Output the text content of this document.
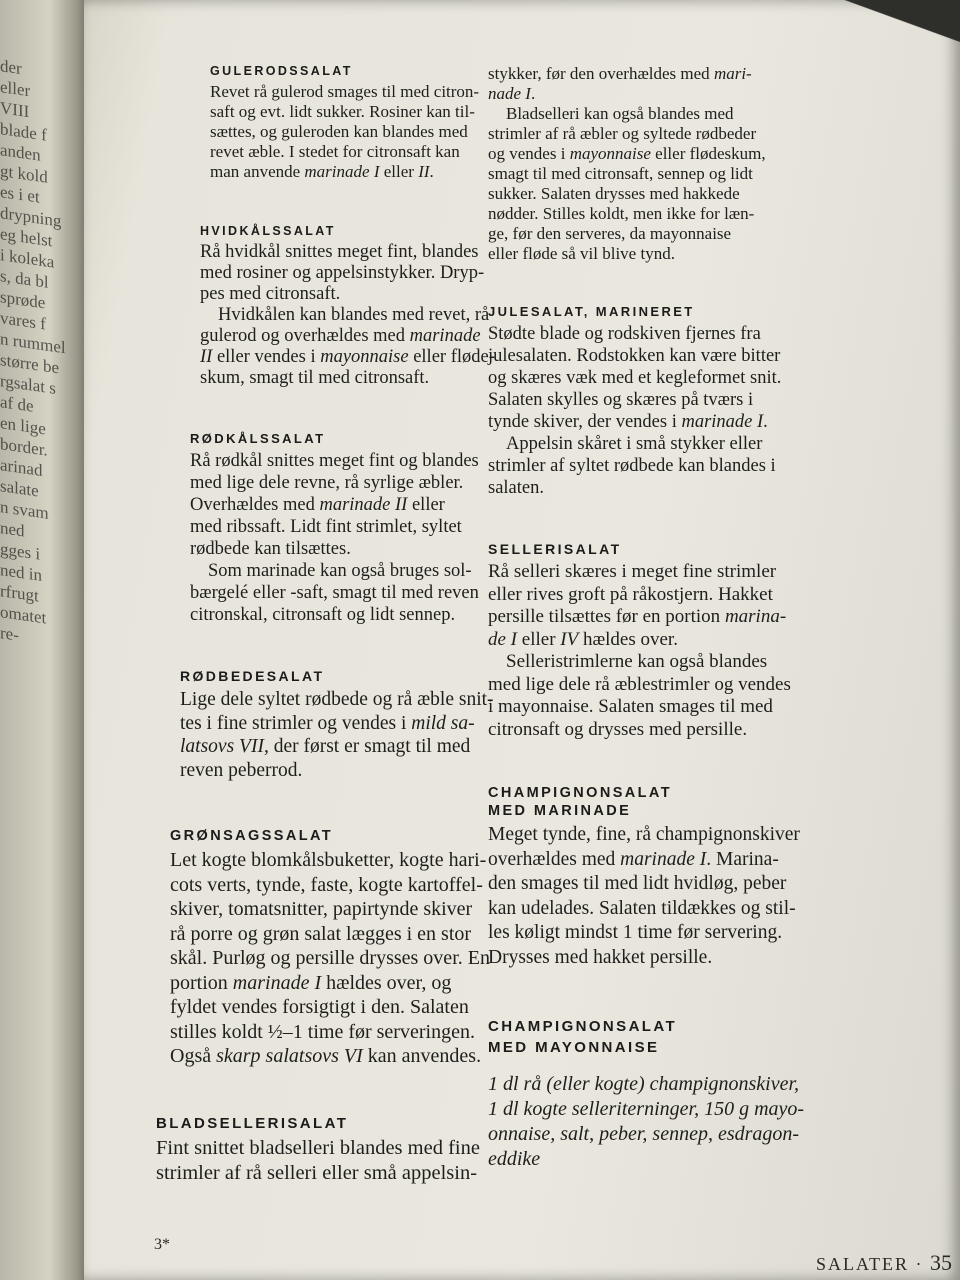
der
eller
VIII
blade f
anden
gt kold
es i et
drypning
eg helst
i koleka
s, da bl
sprøde
vares f
n rummel
større be
rgsalat s
af de
en lige
border.
arinad
salate
n svam
ned
gges i
ned in
rfrugt
omatet
re-
GULERODSSALAT

Revet rå gulerod smages til med citron-

saft og evt. lidt sukker. Rosiner kan til-

sættes, og guleroden kan blandes med

revet æble. I stedet for citronsaft kan

man anvende marinade I eller II.

HVIDKÅLSSALAT

Rå hvidkål snittes meget fint, blandes

med rosiner og appelsinstykker. Dryp-

pes med citronsaft.

Hvidkålen kan blandes med revet, rå

gulerod og overhældes med marinade

II eller vendes i mayonnaise eller fløde-

skum, smagt til med citronsaft.

RØDKÅLSSALAT

Rå rødkål snittes meget fint og blandes

med lige dele revne, rå syrlige æbler.

Overhældes med marinade II eller

med ribssaft. Lidt fint strimlet, syltet

rødbede kan tilsættes.

Som marinade kan også bruges sol-

bærgelé eller -saft, smagt til med reven

citronskal, citronsaft og lidt sennep.

RØDBEDESALAT

Lige dele syltet rødbede og rå æble snit-

tes i fine strimler og vendes i mild sa-

latsovs VII, der først er smagt til med

reven peberrod.

GRØNSAGSSALAT

Let kogte blomkålsbuketter, kogte hari-

cots verts, tynde, faste, kogte kartoffel-

skiver, tomatsnitter, papirtynde skiver

rå porre og grøn salat lægges i en stor

skål. Purløg og persille drysses over. En

portion marinade I hældes over, og

fyldet vendes forsigtigt i den. Salaten

stilles koldt ½–1 time før serveringen.

Også skarp salatsovs VI kan anvendes.

BLADSELLERISALAT

Fint snittet bladselleri blandes med fine

strimler af rå selleri eller små appelsin-

stykker, før den overhældes med mari-

nade I.

Bladselleri kan også blandes med

strimler af rå æbler og syltede rødbeder

og vendes i mayonnaise eller flødeskum,

smagt til med citronsaft, sennep og lidt

sukker. Salaten drysses med hakkede

nødder. Stilles koldt, men ikke for læn-

ge, før den serveres, da mayonnaise

eller fløde så vil blive tynd.

JULESALAT, MARINERET

Stødte blade og rodskiven fjernes fra

julesalaten. Rodstokken kan være bitter

og skæres væk med et kegleformet snit.

Salaten skylles og skæres på tværs i

tynde skiver, der vendes i marinade I.

Appelsin skåret i små stykker eller

strimler af syltet rødbede kan blandes i

salaten.

SELLERISALAT

Rå selleri skæres i meget fine strimler

eller rives groft på råkostjern. Hakket

persille tilsættes før en portion marina-

de I eller IV hældes over.

Selleristrimlerne kan også blandes

med lige dele rå æblestrimler og vendes

i mayonnaise. Salaten smages til med

citronsaft og drysses med persille.

CHAMPIGNONSALAT
MED MARINADE

Meget tynde, fine, rå champignonskiver

overhældes med marinade I. Marina-

den smages til med lidt hvidløg, peber

kan udelades. Salaten tildækkes og stil-

les køligt mindst 1 time før servering.

Drysses med hakket persille.

CHAMPIGNONSALAT
MED MAYONNAISE

1 dl rå (eller kogte) champignonskiver,

1 dl kogte selleriterninger, 150 g mayo-

onnaise, salt, peber, sennep, esdragon-

eddike

3*
SALATER · 35
